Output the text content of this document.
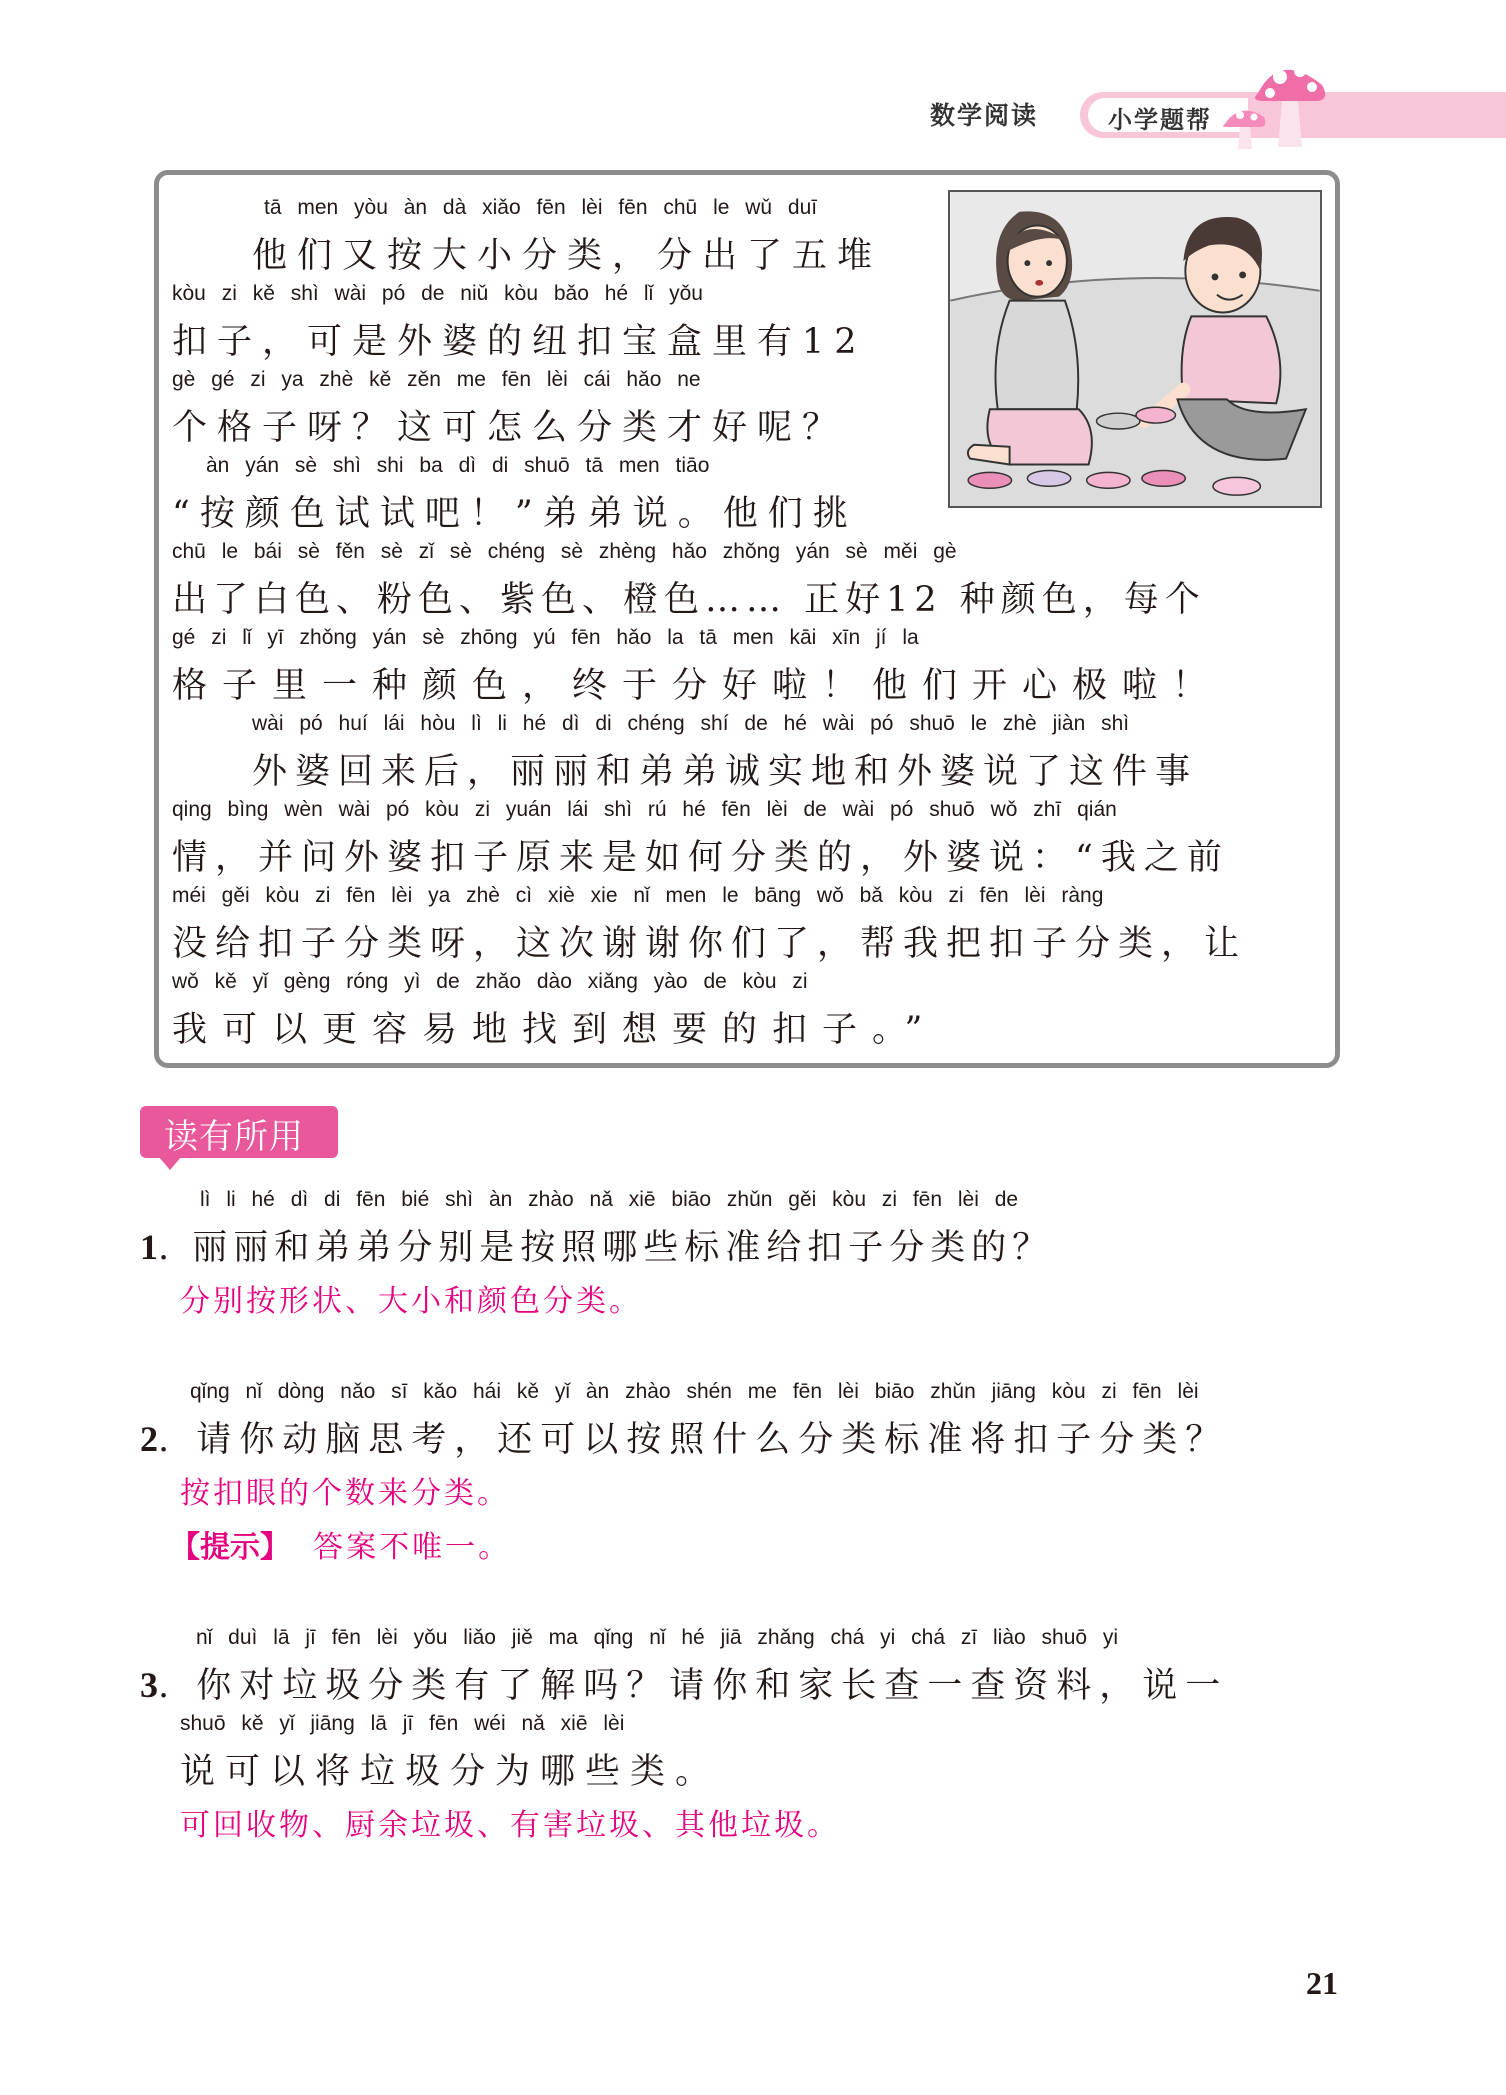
数学阅读	小学题帮
tā men yòu àn dà xiǎo fēn lèi fēn chū le wǔ duī
他们又按大小分类，分出了五堆
kòu zi kě shì wài pó de niǔ kòu bǎo hé lǐ yǒu
扣子，可是外婆的纽扣宝盒里有12
gè gé zi ya zhè kě zěn me fēn lèi cái hǎo ne
个格子呀？这可怎么分类才好呢？
àn yán sè shì shi ba dì di shuō tā men tiāo
“按颜色试试吧！”弟弟说。他们挑
chū le bái sè fěn sè zǐ sè chéng sè zhèng hǎo zhǒng yán sè měi gè
出了白色、粉色、紫色、橙色…… 正好12 种颜色，每个
gé zi lǐ yī zhǒng yán sè zhōng yú fēn hǎo la tā men kāi xīn jí la
格子里一种颜色，终于分好啦！他们开心极啦！
wài pó huí lái hòu lì li hé dì di chéng shí de hé wài pó shuō le zhè jiàn shì
外婆回来后，丽丽和弟弟诚实地和外婆说了这件事
qing bìng wèn wài pó kòu zi yuán lái shì rú hé fēn lèi de wài pó shuō wǒ zhī qián
情，并问外婆扣子原来是如何分类的，外婆说：“我之前
méi gěi kòu zi fēn lèi ya zhè cì xiè xie nǐ men le bāng wǒ bǎ kòu zi fēn lèi ràng
没给扣子分类呀，这次谢谢你们了，帮我把扣子分类，让
wǒ kě yǐ gèng róng yì de zhǎo dào xiǎng yào de kòu zi
我可以更容易地找到想要的扣子。”
读有所用
lì li hé dì di fēn bié shì àn zhào nǎ xiē biāo zhǔn gěi kòu zi fēn lèi de
1. 丽丽和弟弟分别是按照哪些标准给扣子分类的？
分别按形状、大小和颜色分类。
qǐng nǐ dòng nǎo sī kǎo hái kě yǐ àn zhào shén me fēn lèi biāo zhǔn jiāng kòu zi fēn lèi
2. 请你动脑思考，还可以按照什么分类标准将扣子分类？
按扣眼的个数来分类。
【提示】 答案不唯一。
nǐ duì lā jī fēn lèi yǒu liǎo jiě ma qǐng nǐ hé jiā zhǎng chá yi chá zī liào shuō yi
3. 你对垃圾分类有了解吗？请你和家长查一查资料，说一
shuō kě yǐ jiāng lā jī fēn wéi nǎ xiē lèi
说可以将垃圾分为哪些类。
可回收物、厨余垃圾、有害垃圾、其他垃圾。
21
